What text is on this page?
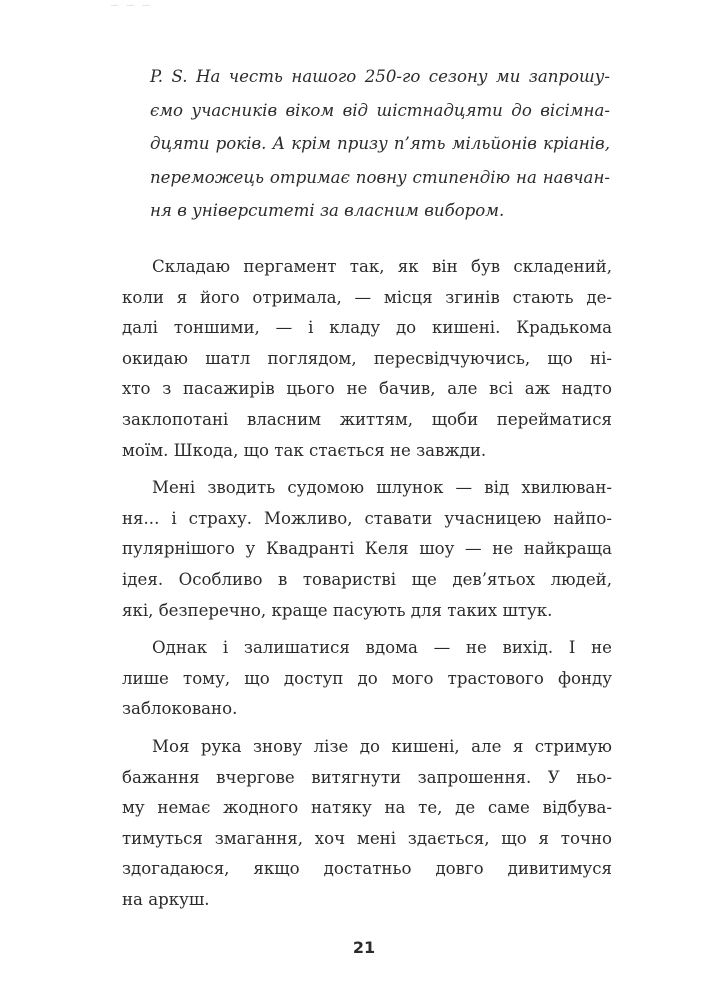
– – –
P. S. На честь нашого 250-го сезону ми запрошу-
ємо учасників віком від шістнадцяти до вісімна-
дцяти років. А крім призу п’ять мільйонів кріанів,
переможець отримає повну стипендію на навчан-
ня в університеті за власним вибором.
Складаю пергамент так, як він був складений,
коли я його отримала, — місця згинів стають де-
далі тоншими, — і кладу до кишені. Крадькома
окидаю шатл поглядом, пересвідчуючись, що ні-
хто з пасажирів цього не бачив, але всі аж надто
заклопотані власним життям, щоби перейматися
моїм. Шкода, що так стається не завжди.
Мені зводить судомою шлунок — від хвилюван-
ня... і страху. Можливо, ставати учасницею найпо-
пулярнішого у Квадранті Келя шоу — не найкраща
ідея. Особливо в товаристві ще дев’ятьох людей,
які, безперечно, краще пасують для таких штук.
Однак і залишатися вдома — не вихід. І не
лише тому, що доступ до мого трастового фонду
заблоковано.
Моя рука знову лізе до кишені, але я стримую
бажання вчергове витягнути запрошення. У ньо-
му немає жодного натяку на те, де саме відбува-
тимуться змагання, хоч мені здається, що я точно
здогадаюся, якщо достатньо довго дивитимуся
на аркуш.
21
